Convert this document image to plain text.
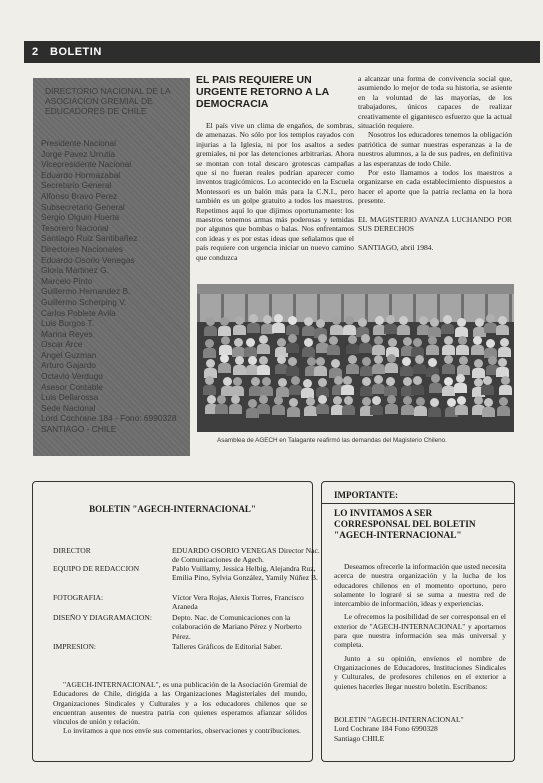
2 BOLETIN
DIRECTORIO NACIONAL DE LA ASOCIACION GREMIAL DE EDUCADORES DE CHILE
Presidente Nacional
Jorge Pavez Urrutia
Vicepresidente Nacional
Eduardo Hormazabal
Secretario General
Alfonso Bravo Perez
Subsecretario General
Sergio Olguin Huerta
Tesorero Nacional
Santiago Ruiz Santibañez
Directores Nacionales
Eduardo Osorio Venegas
Gloria Martinez G.
Marcelo Pinto
Guillermo Hernandez B.
Guillermo Scherping V.
Carlos Poblete Avila
Luis Burgos T.
Marina Reyes
Oscar Arce
Angel Guzman
Arturo Gajardo
Octavio Verdugo
Asesor Contable
Luis Dellarossa
Sede Nacional
Lord Cochrane 184 - Fono: 6990328
SANTIAGO - CHILE
EL PAIS REQUIERE UN URGENTE RETORNO A LA DEMOCRACIA

El país vive un clima de engaños, de sombras, de amenazas. No sólo por los templos rayados con injurias a la Iglesia, ni por los asaltos a sedes gremiales, ni por las detenciones arbitrarias. Ahora se montan con total descaro grotescas campañas que si no fueran reales podrían aparecer como inventos tragicómicos. Lo acontecido en la Escuela Montessori es un balón más para la C.N.I., pero también es un golpe gratuito a todos los maestros. Repetimos aquí lo que dijimos oportunamente: los maestros tenemos armas más poderosas y temidas por algunos que bombas o balas. Nos enfrentamos con ideas y es por estas ideas que señalamos que el país requiere con urgencia iniciar un nuevo camino que conduzca

a alcanzar una forma de convivencia social que, asumiendo lo mejor de toda su historia, se asiente en la voluntad de las mayorías, de los trabajadores, únicos capaces de realizar creativamente el gigantesco esfuerzo que la actual situación requiere.

Nosotros los educadores tenemos la obligación patriótica de sumar nuestras esperanzas a la de nuestros alumnos, a la de sus padres, en definitiva a las esperanzas de todo Chile.

Por esto llamamos a todos los maestros a organizarse en cada establecimiento dispuestos a hacer el aporte que la patria reclama en la hora presente.

EL MAGISTERIO AVANZA LUCHANDO POR SUS DERECHOS

SANTIAGO, abril 1984.

Asamblea de AGECH en Talagante reafirmó las demandas del Magisterio Chileno.
BOLETIN "AGECH-INTERNACIONAL"
DIRECTOR	EDUARDO OSORIO VENEGAS Director Nac. de Comunicaciones de Agech.
EQUIPO DE REDACCION	Pablo Vuillamy, Jessica Helbig, Alejandra Ruz, Emilia Pino, Sylvia González, Yamily Núñez B.
FOTOGRAFIA:	Víctor Vera Rojas, Alexis Torres, Francisco Araneda
DISEÑO Y DIAGRAMACION:	Depto. Nac. de Comunicaciones con la colaboración de Mariano Pérez y Norberto Pérez.
IMPRESION:	Talleres Gráficos de Editorial Saber.

"AGECH-INTERNACIONAL", es una publicación de la Asociación Gremial de Educadores de Chile, dirigida a las Organizaciones Magisteriales del mundo, Organizaciones Sindicales y Culturales y a los educadores chilenos que se encuentran ausentes de nuestra patria con quienes esperamos afianzar sólidos vínculos de unión y relación.

Lo invitamos a que nos envíe sus comentarios, observaciones y contribuciones.

IMPORTANTE:
LO INVITAMOS A SER CORRESPONSAL DEL BOLETIN "AGECH-INTERNACIONAL"

Deseamos ofrecerle la información que usted necesita acerca de nuestra organización y la lucha de los educadores chilenos en el momento oportuno, pero solamente lo lograré si se suma a nuestra red de intercambio de información, ideas y experiencias.

Le ofrecemos la posibilidad de ser corresponsal en el exterior de "AGECH-INTERNACIONAL" y aportarnos para que nuestra información sea más universal y completa.

Junto a su opinión, envíenos el nombre de Organizaciones de Educadores, Instituciones Sindicales y Culturales, de profesores chilenos en el exterior a quienes hacerles llegar nuestro boletín. Escríbanos:

BOLETIN "AGECH-INTERNACIONAL"
Lord Cochrane 184 Fono 6990328
Santiago CHILE
